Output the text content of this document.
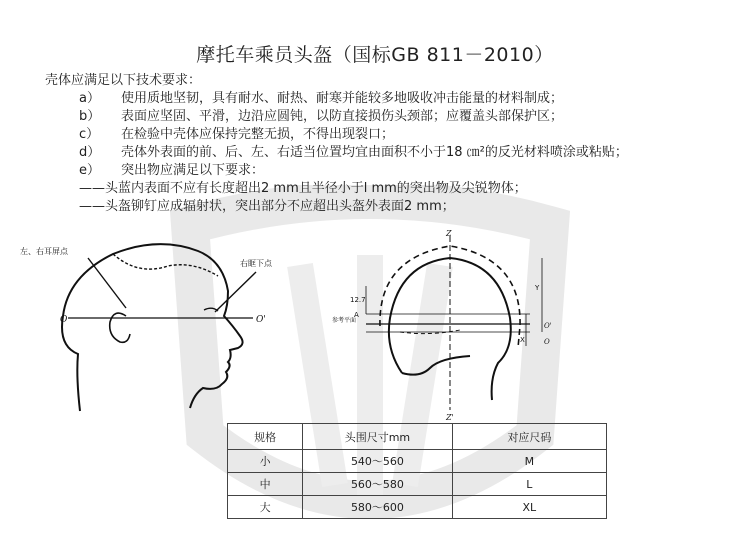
摩托车乘员头盔（国标GB 811－2010）
壳体应满足以下技术要求：
a） 使用质地坚韧，具有耐水、耐热、耐寒并能较多地吸收冲击能量的材料制成；
b） 表面应坚固、平滑，边沿应圆钝，以防直接损伤头颈部；应覆盖头部保护区；
c） 在检验中壳体应保持完整无损，不得出现裂口；
d） 壳体外表面的前、后、左、右适当位置均宜由面积不小于18 ㎝²的反光材料喷涂或粘贴；
e） 突出物应满足以下要求：
——头蓝内表面不应有长度超出2 mm且半径小于l mm的突出物及尖锐物体；
——头盔铆钉应成辐射状，突出部分不应超出头盔外表面2 mm；
左、右耳屏点
右眶下点
O	O'
Z
Z'
12.7
A
参考平面
Y
X
O'
O
规格	头围尺寸mm	对应尺码
小	540～560	M
中	560～580	L
大	580～600	XL
